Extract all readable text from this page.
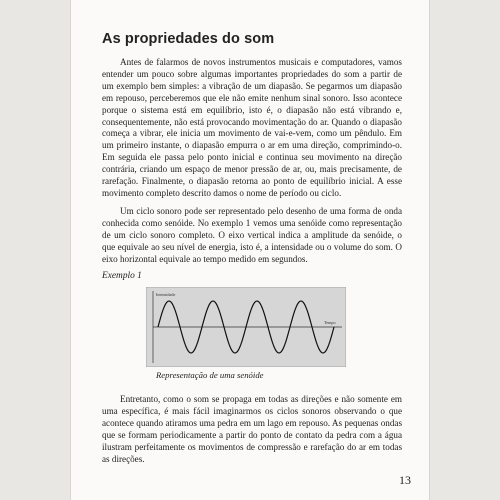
As propriedades do som

Antes de falarmos de novos instrumentos musicais e computadores, vamos entender um pouco sobre algumas importantes propriedades do som a partir de um exemplo bem simples: a vibração de um diapasão. Se pegarmos um diapasão em repouso, perceberemos que ele não emite nenhum sinal sonoro. Isso acontece porque o sistema está em equilíbrio, isto é, o diapasão não está vibrando e, consequentemente, não está provocando movimentação do ar. Quando o diapasão começa a vibrar, ele inicia um movimento de vai-e-vem, como um pêndulo. Em um primeiro instante, o diapasão empurra o ar em uma direção, comprimindo-o. Em seguida ele passa pelo ponto inicial e continua seu movimento na direção contrária, criando um espaço de menor pressão de ar, ou, mais precisamente, de rarefação. Finalmente, o diapasão retorna ao ponto de equilíbrio inicial. A esse movimento completo descrito damos o nome de período ou ciclo.

Um ciclo sonoro pode ser representado pelo desenho de uma forma de onda conhecida como senóide. No exemplo 1 vemos uma senóide como representação de um ciclo sonoro completo. O eixo vertical indica a amplitude da senóide, o que equivale ao seu nível de energia, isto é, a intensidade ou o volume do som. O eixo horizontal equivale ao tempo medido em segundos.

Exemplo 1
Intensidade
Tempo
Representação de uma senóide

Entretanto, como o som se propaga em todas as direções e não somente em uma específica, é mais fácil imaginarmos os ciclos sonoros observando o que acontece quando atiramos uma pedra em um lago em repouso. As pequenas ondas que se formam periodicamente a partir do ponto de contato da pedra com a água ilustram perfeitamente os movimentos de compressão e rarefação do ar em todas as direções.

13
